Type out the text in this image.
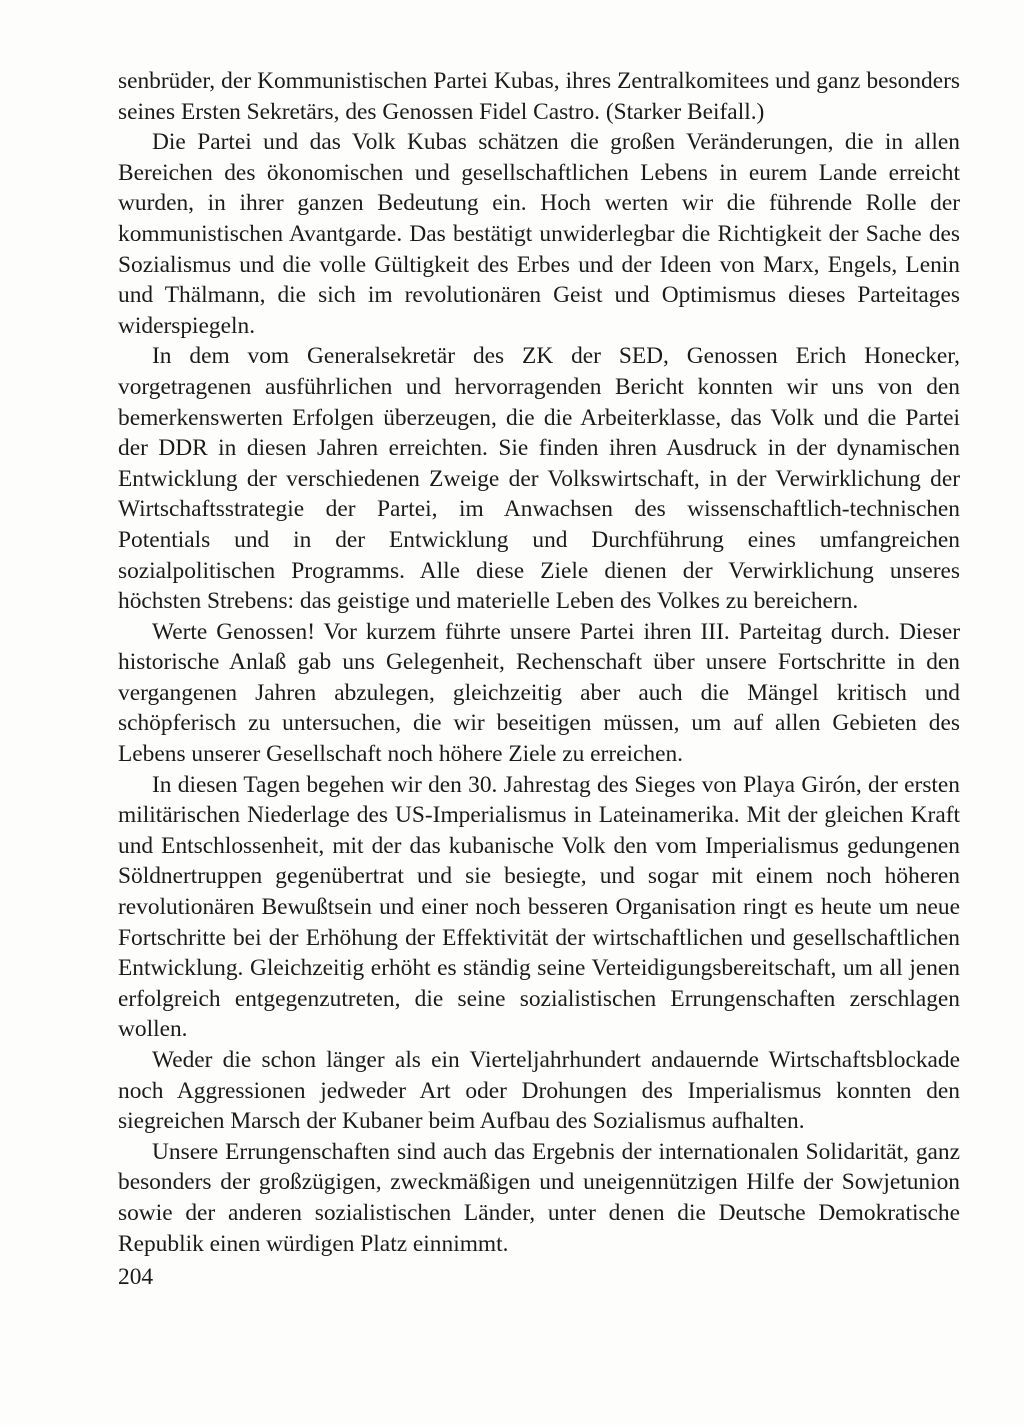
senbrüder, der Kommunistischen Partei Kubas, ihres Zentralkomitees und ganz besonders seines Ersten Sekretärs, des Genossen Fidel Castro. (Starker Beifall.)

Die Partei und das Volk Kubas schätzen die großen Veränderungen, die in allen Bereichen des ökonomischen und gesellschaftlichen Lebens in eurem Lande erreicht wurden, in ihrer ganzen Bedeutung ein. Hoch werten wir die führende Rolle der kommunistischen Avantgarde. Das bestätigt unwiderlegbar die Richtigkeit der Sache des Sozialismus und die volle Gültigkeit des Erbes und der Ideen von Marx, Engels, Lenin und Thälmann, die sich im revolutionären Geist und Optimismus dieses Parteitages widerspiegeln.

In dem vom Generalsekretär des ZK der SED, Genossen Erich Honecker, vorgetragenen ausführlichen und hervorragenden Bericht konnten wir uns von den bemerkenswerten Erfolgen überzeugen, die die Arbeiterklasse, das Volk und die Partei der DDR in diesen Jahren erreichten. Sie finden ihren Ausdruck in der dynamischen Entwicklung der verschiedenen Zweige der Volkswirtschaft, in der Verwirklichung der Wirtschaftsstrategie der Partei, im Anwachsen des wissenschaftlich-technischen Potentials und in der Entwicklung und Durchführung eines umfangreichen sozialpolitischen Programms. Alle diese Ziele dienen der Verwirklichung unseres höchsten Strebens: das geistige und materielle Leben des Volkes zu bereichern.

Werte Genossen! Vor kurzem führte unsere Partei ihren III. Parteitag durch. Dieser historische Anlaß gab uns Gelegenheit, Rechenschaft über unsere Fortschritte in den vergangenen Jahren abzulegen, gleichzeitig aber auch die Mängel kritisch und schöpferisch zu untersuchen, die wir beseitigen müssen, um auf allen Gebieten des Lebens unserer Gesellschaft noch höhere Ziele zu erreichen.

In diesen Tagen begehen wir den 30. Jahrestag des Sieges von Playa Girón, der ersten militärischen Niederlage des US-Imperialismus in Lateinamerika. Mit der gleichen Kraft und Entschlossenheit, mit der das kubanische Volk den vom Imperialismus gedungenen Söldnertruppen gegenübertrat und sie besiegte, und sogar mit einem noch höheren revolutionären Bewußtsein und einer noch besseren Organisation ringt es heute um neue Fortschritte bei der Erhöhung der Effektivität der wirtschaftlichen und gesellschaftlichen Entwicklung. Gleichzeitig erhöht es ständig seine Verteidigungsbereitschaft, um all jenen erfolgreich entgegenzutreten, die seine sozialistischen Errungenschaften zerschlagen wollen.

Weder die schon länger als ein Vierteljahrhundert andauernde Wirtschaftsblockade noch Aggressionen jedweder Art oder Drohungen des Imperialismus konnten den siegreichen Marsch der Kubaner beim Aufbau des Sozialismus aufhalten.

Unsere Errungenschaften sind auch das Ergebnis der internationalen Solidarität, ganz besonders der großzügigen, zweckmäßigen und uneigennützigen Hilfe der Sowjetunion sowie der anderen sozialistischen Länder, unter denen die Deutsche Demokratische Republik einen würdigen Platz einnimmt.

204
